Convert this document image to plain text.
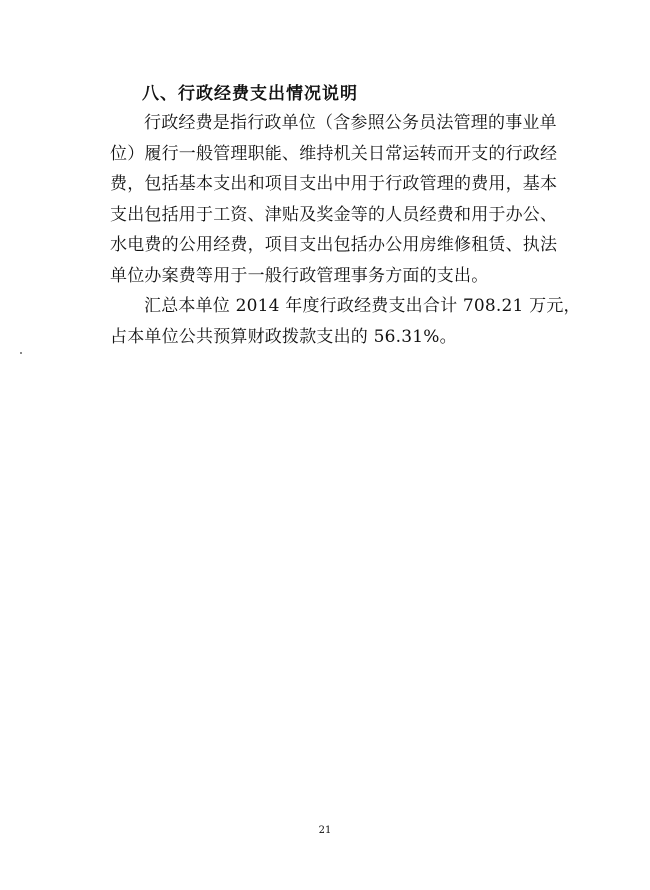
八、行政经费支出情况说明
行政经费是指行政单位（含参照公务员法管理的事业单
位）履行一般管理职能、维持机关日常运转而开支的行政经
费，包括基本支出和项目支出中用于行政管理的费用，基本
支出包括用于工资、津贴及奖金等的人员经费和用于办公、
水电费的公用经费，项目支出包括办公用房维修租赁、执法
单位办案费等用于一般行政管理事务方面的支出。
汇总本单位 2014 年度行政经费支出合计 708.21 万元，
占本单位公共预算财政拨款支出的 56.31%。
21
